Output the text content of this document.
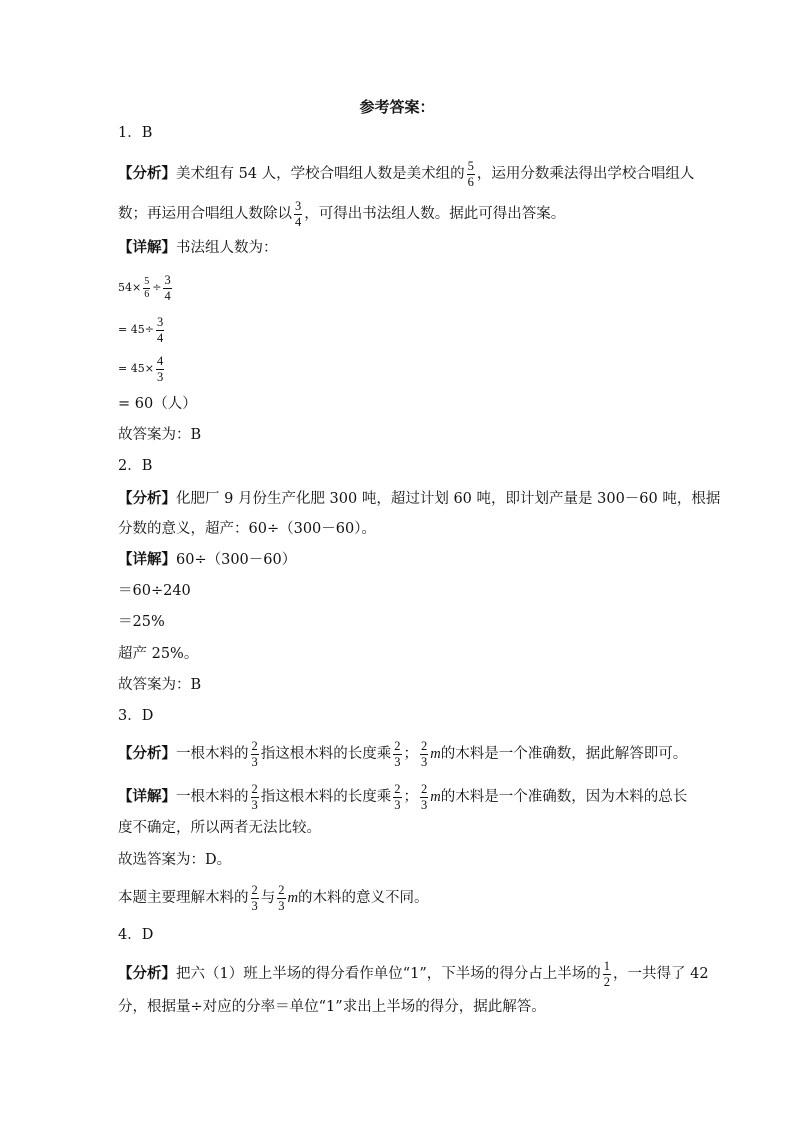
参考答案：
1．B
【分析】美术组有 54 人，学校合唱组人数是美术组的 $\frac{5}{6}$ ，运用分数乘法得出学校合唱组人
数；再运用合唱组人数除以 $\frac{3}{4}$ ，可得出书法组人数。据此可得出答案。
【详解】书法组人数为：
$54\times \frac{5}{6} \div \frac{3}{4}$
= $45\div \frac{3}{4}$
= $45\times \frac{4}{3}$
= 60（人）
故答案为：B
2．B
【分析】化肥厂 9 月份生产化肥 300 吨，超过计划 60 吨，即计划产量是 300－60 吨，根据
分数的意义，超产：60÷（300－60）。
【详解】60÷（300－60）
＝60÷240
＝25%
超产 25%。
故答案为：B
3．D
【分析】一根木料的 $\frac{2}{3}$ 指这根木料的长度乘 $\frac{2}{3}$ ； $\frac{2}{3}$ m的木料是一个准确数，据此解答即可。
【详解】一根木料的 $\frac{2}{3}$ 指这根木料的长度乘 $\frac{2}{3}$ ； $\frac{2}{3}$ m的木料是一个准确数，因为木料的总长
度不确定，所以两者无法比较。
故选答案为：D。
本题主要理解木料的 $\frac{2}{3}$ 与 $\frac{2}{3}$ m的木料的意义不同。
4．D
【分析】把六（1）班上半场的得分看作单位“1”，下半场的得分占上半场的 $\frac{1}{2}$ ，一共得了 42
分，根据量÷对应的分率＝单位“1”求出上半场的得分，据此解答。
